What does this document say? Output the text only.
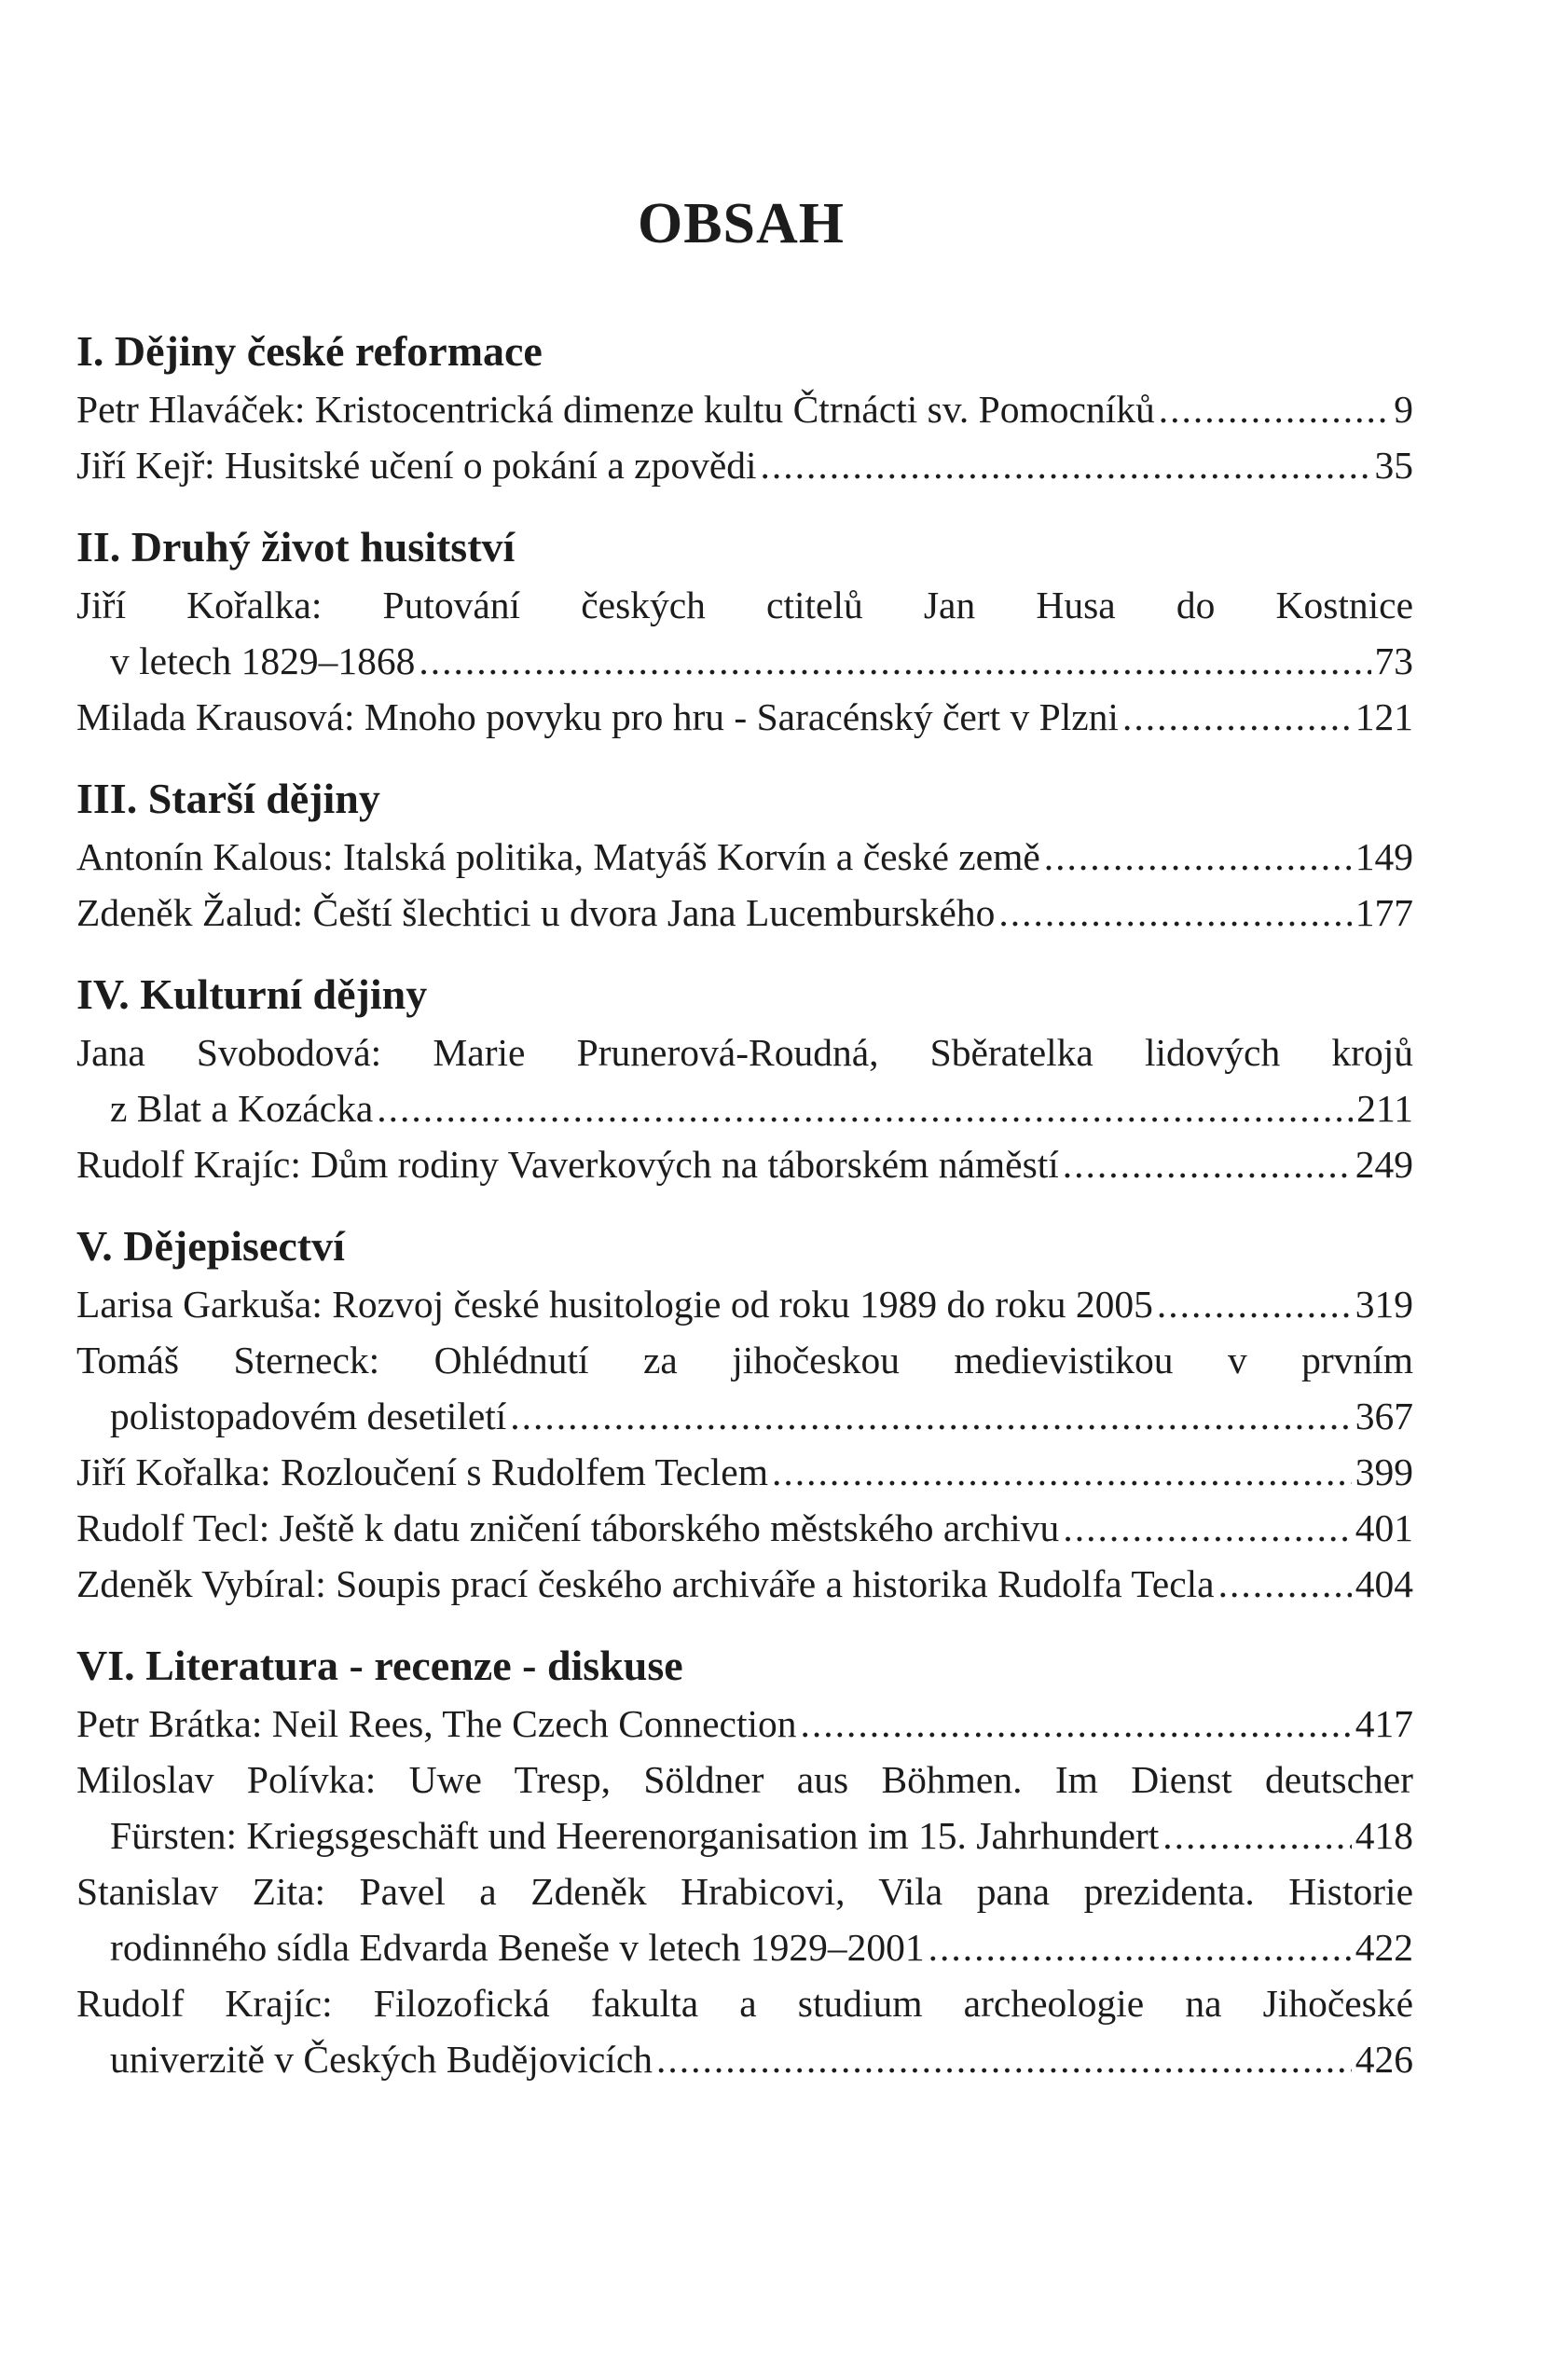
OBSAH
I. Dějiny české reformace
Petr Hlaváček: Kristocentrická dimenze kultu Čtrnácti sv. Pomocníků .....	9
Jiří Kejř: Husitské učení o pokání a zpovědi .....	35
II. Druhý život husitství
Jiří Kořalka: Putování českých ctitelů Jan Husa do Kostnice
v letech 1829–1868 .....	73
Milada Krausová: Mnoho povyku pro hru - Saracénský čert v Plzni .....	121
III. Starší dějiny
Antonín Kalous: Italská politika, Matyáš Korvín a české země .....	149
Zdeněk Žalud: Čeští šlechtici u dvora Jana Lucemburského .....	177
IV. Kulturní dějiny
Jana Svobodová: Marie Prunerová-Roudná, Sběratelka lidových krojů
z Blat a Kozácka .....	211
Rudolf Krajíc: Dům rodiny Vaverkových na táborském náměstí .....	249
V. Dějepisectví
Larisa Garkuša: Rozvoj české husitologie od roku 1989 do roku 2005 .....	319
Tomáš Sterneck: Ohlédnutí za jihočeskou medievistikou v prvním
polistopadovém desetiletí .....	367
Jiří Kořalka: Rozloučení s Rudolfem Teclem .....	399
Rudolf Tecl: Ještě k datu zničení táborského městského archivu .....	401
Zdeněk Vybíral: Soupis prací českého archiváře a historika Rudolfa Tecla .....	404
VI. Literatura - recenze - diskuse
Petr Brátka: Neil Rees, The Czech Connection .....	417
Miloslav Polívka: Uwe Tresp, Söldner aus Böhmen. Im Dienst deutscher
Fürsten: Kriegsgeschäft und Heerenorganisation im 15. Jahrhundert .....	418
Stanislav Zita: Pavel a Zdeněk Hrabicovi, Vila pana prezidenta. Historie
rodinného sídla Edvarda Beneše v letech 1929–2001 .....	422
Rudolf Krajíc: Filozofická fakulta a studium archeologie na Jihočeské
univerzitě v Českých Budějovicích .....	426
